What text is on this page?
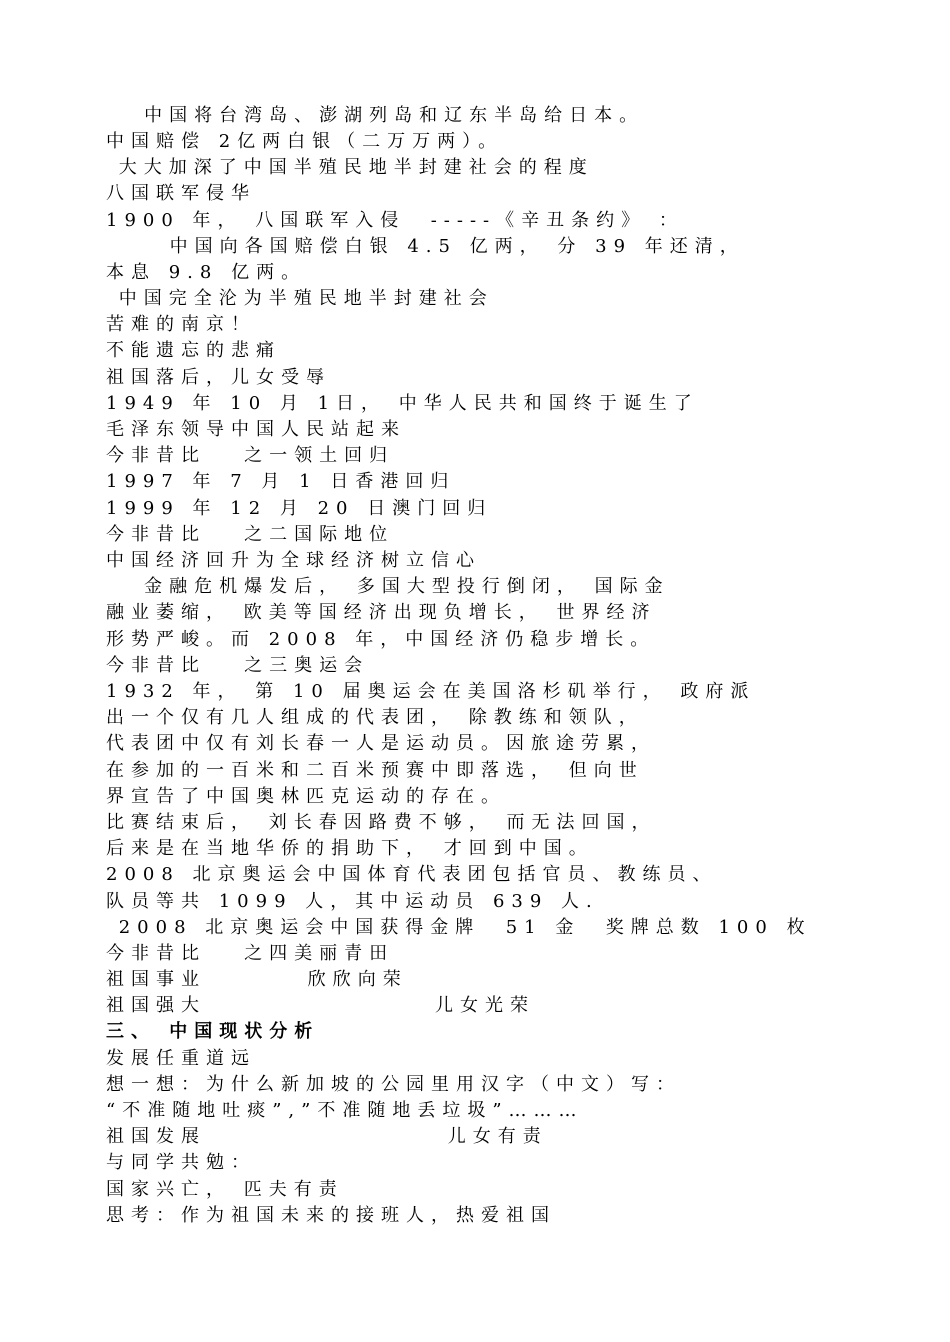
中国将台湾岛、澎湖列岛和辽东半岛给日本。
中国赔偿 2亿两白银（二万万两）。
大大加深了中国半殖民地半封建社会的程度
八国联军侵华
1900 年， 八国联军入侵  -----《辛丑条约》 ：
中国向各国赔偿白银 4.5 亿两， 分 39 年还清，
本息 9.8 亿两。
中国完全沦为半殖民地半封建社会
苦难的南京！
不能遗忘的悲痛
祖国落后，儿女受辱
1949 年 10 月 1日， 中华人民共和国终于诞生了
毛泽东领导中国人民站起来
今非昔比   之一领土回归
1997 年 7 月 1 日香港回归
1999 年 12 月 20 日澳门回归
今非昔比   之二国际地位
中国经济回升为全球经济树立信心
金融危机爆发后， 多国大型投行倒闭， 国际金
融业萎缩， 欧美等国经济出现负增长， 世界经济
形势严峻。而 2008 年，中国经济仍稳步增长。
今非昔比   之三奥运会
1932 年， 第 10 届奥运会在美国洛杉矶举行， 政府派
出一个仅有几人组成的代表团， 除教练和领队，
代表团中仅有刘长春一人是运动员。因旅途劳累，
在参加的一百米和二百米预赛中即落选， 但向世
界宣告了中国奥林匹克运动的存在。
比赛结束后， 刘长春因路费不够， 而无法回国，
后来是在当地华侨的捐助下， 才回到中国。
2008 北京奥运会中国体育代表团包括官员、教练员、
队员等共 1099 人，其中运动员 639 人.
2008 北京奥运会中国获得金牌  51 金  奖牌总数 100 枚
今非昔比   之四美丽青田
祖国事业        欣欣向荣
祖国强大                  儿女光荣
三、 中国现状分析
发展任重道远
想一想：为什么新加坡的公园里用汉字（中文）写：
“不准随地吐痰”,”不准随地丢垃圾”………
祖国发展                   儿女有责
与同学共勉：
国家兴亡， 匹夫有责
思考：作为祖国未来的接班人，热爱祖国
